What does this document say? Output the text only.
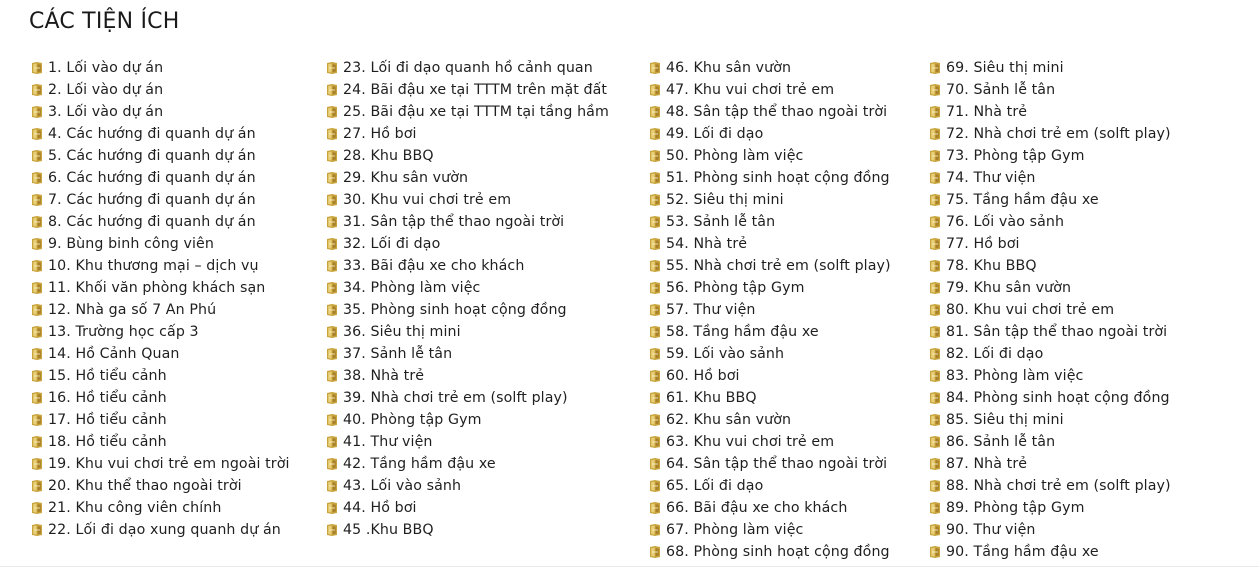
CÁC TIỆN ÍCH
1. Lối vào dự án
2. Lối vào dự án
3. Lối vào dự án
4. Các hướng đi quanh dự án
5. Các hướng đi quanh dự án
6. Các hướng đi quanh dự án
7. Các hướng đi quanh dự án
8. Các hướng đi quanh dự án
9. Bùng binh công viên
10. Khu thương mại – dịch vụ
11. Khối văn phòng khách sạn
12. Nhà ga số 7 An Phú
13. Trường học cấp 3
14. Hồ Cảnh Quan
15. Hồ tiểu cảnh
16. Hồ tiểu cảnh
17. Hồ tiểu cảnh
18. Hồ tiểu cảnh
19. Khu vui chơi trẻ em ngoài trời
20. Khu thể thao ngoài trời
21. Khu công viên chính
22. Lối đi dạo xung quanh dự án
23. Lối đi dạo quanh hồ cảnh quan
24. Bãi đậu xe tại TTTM trên mặt đất
25. Bãi đậu xe tại TTTM tại tầng hầm
27. Hồ bơi
28. Khu BBQ
29. Khu sân vườn
30. Khu vui chơi trẻ em
31. Sân tập thể thao ngoài trời
32. Lối đi dạo
33. Bãi đậu xe cho khách
34. Phòng làm việc
35. Phòng sinh hoạt cộng đồng
36. Siêu thị mini
37. Sảnh lễ tân
38. Nhà trẻ
39. Nhà chơi trẻ em (solft play)
40. Phòng tập Gym
41. Thư viện
42. Tầng hầm đậu xe
43. Lối vào sảnh
44. Hồ bơi
45 .Khu BBQ
46. Khu sân vườn
47. Khu vui chơi trẻ em
48. Sân tập thể thao ngoài trời
49. Lối đi dạo
50. Phòng làm việc
51. Phòng sinh hoạt cộng đồng
52. Siêu thị mini
53. Sảnh lễ tân
54. Nhà trẻ
55. Nhà chơi trẻ em (solft play)
56. Phòng tập Gym
57. Thư viện
58. Tầng hầm đậu xe
59. Lối vào sảnh
60. Hồ bơi
61. Khu BBQ
62. Khu sân vườn
63. Khu vui chơi trẻ em
64. Sân tập thể thao ngoài trời
65. Lối đi dạo
66. Bãi đậu xe cho khách
67. Phòng làm việc
68. Phòng sinh hoạt cộng đồng
69. Siêu thị mini
70. Sảnh lễ tân
71. Nhà trẻ
72. Nhà chơi trẻ em (solft play)
73. Phòng tập Gym
74. Thư viện
75. Tầng hầm đậu xe
76. Lối vào sảnh
77. Hồ bơi
78. Khu BBQ
79. Khu sân vườn
80. Khu vui chơi trẻ em
81. Sân tập thể thao ngoài trời
82. Lối đi dạo
83. Phòng làm việc
84. Phòng sinh hoạt cộng đồng
85. Siêu thị mini
86. Sảnh lễ tân
87. Nhà trẻ
88. Nhà chơi trẻ em (solft play)
89. Phòng tập Gym
90. Thư viện
90. Tầng hầm đậu xe
